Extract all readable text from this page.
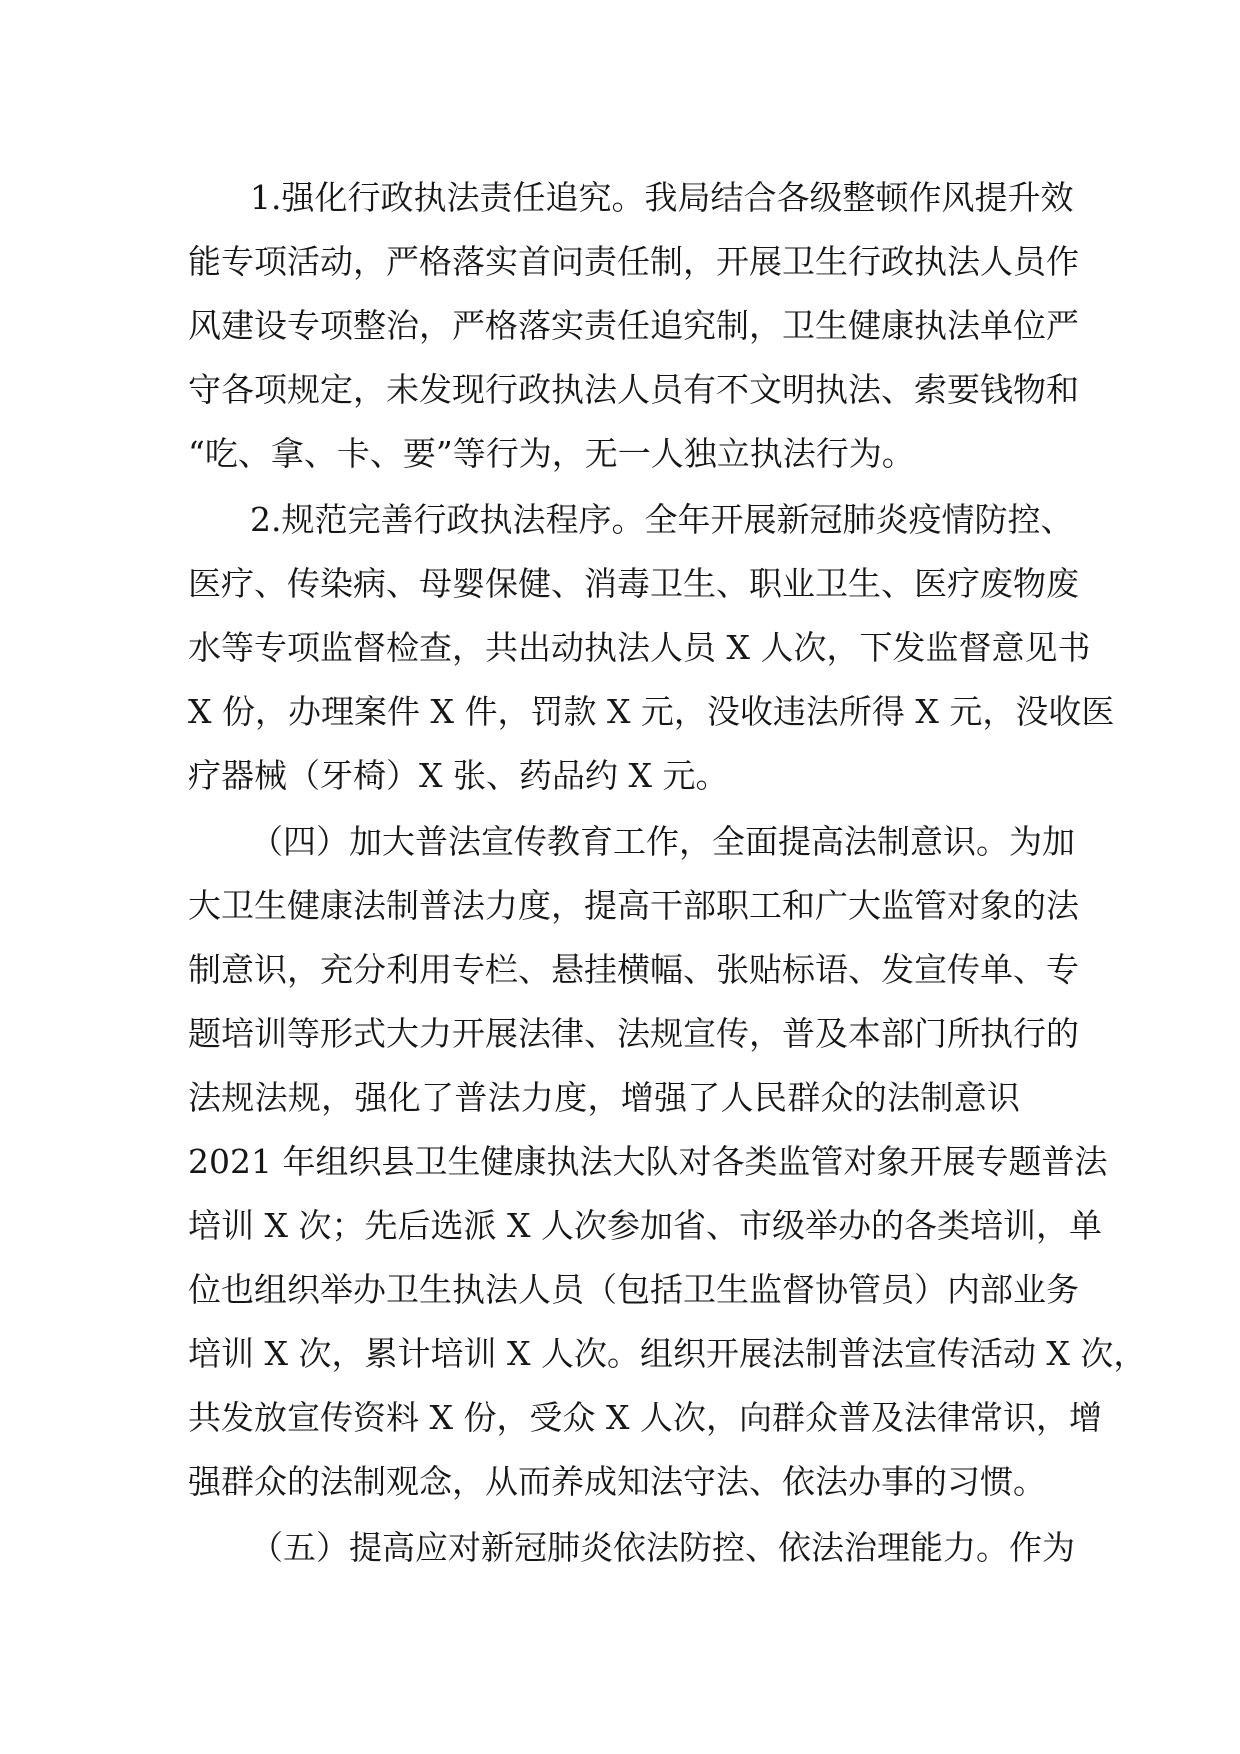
1.强化行政执法责任追究。我局结合各级整顿作风提升效
能专项活动，严格落实首问责任制，开展卫生行政执法人员作
风建设专项整治，严格落实责任追究制，卫生健康执法单位严
守各项规定，未发现行政执法人员有不文明执法、索要钱物和
“吃、拿、卡、要”等行为，无一人独立执法行为。
2.规范完善行政执法程序。全年开展新冠肺炎疫情防控、
医疗、传染病、母婴保健、消毒卫生、职业卫生、医疗废物废
水等专项监督检查，共出动执法人员 X 人次，下发监督意见书
X 份，办理案件 X 件，罚款 X 元，没收违法所得 X 元，没收医
疗器械（牙椅）X 张、药品约 X 元。
（四）加大普法宣传教育工作，全面提高法制意识。为加
大卫生健康法制普法力度，提高干部职工和广大监管对象的法
制意识，充分利用专栏、悬挂横幅、张贴标语、发宣传单、专
题培训等形式大力开展法律、法规宣传，普及本部门所执行的
法规法规，强化了普法力度，增强了人民群众的法制意识
2021 年组织县卫生健康执法大队对各类监管对象开展专题普法
培训 X 次；先后选派 X 人次参加省、市级举办的各类培训，单
位也组织举办卫生执法人员（包括卫生监督协管员）内部业务
培训 X 次，累计培训 X 人次。组织开展法制普法宣传活动 X 次，
共发放宣传资料 X 份，受众 X 人次，向群众普及法律常识，增
强群众的法制观念，从而养成知法守法、依法办事的习惯。
（五）提高应对新冠肺炎依法防控、依法治理能力。作为
